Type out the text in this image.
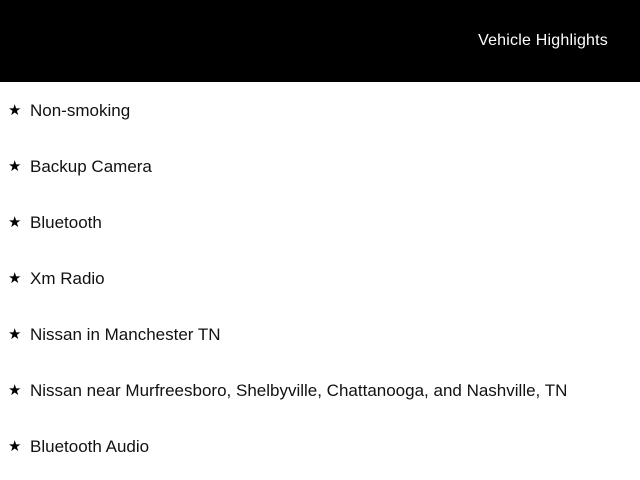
Vehicle Highlights
★ Non-smoking
★ Backup Camera
★ Bluetooth
★ Xm Radio
★ Nissan in Manchester TN
★ Nissan near Murfreesboro, Shelbyville, Chattanooga, and Nashville, TN
★ Bluetooth Audio
